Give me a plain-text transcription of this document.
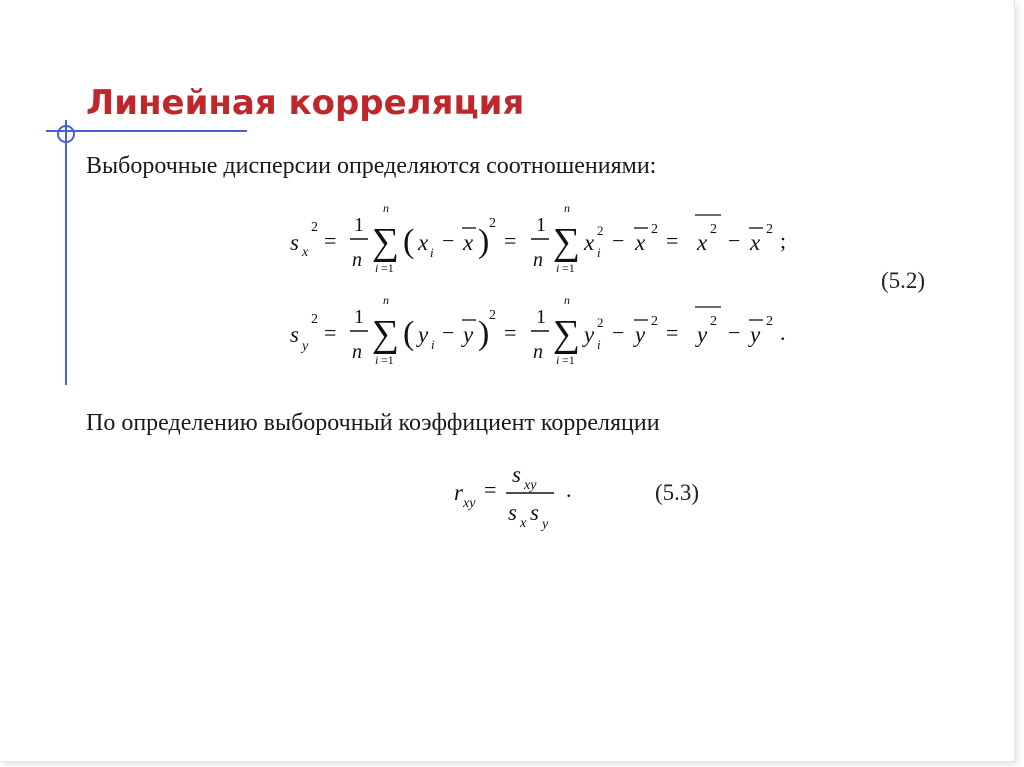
Линейная корреляция

Выборочные дисперсии определяются соотношениями:

s x
2
=
1
n
n
∑
i =1
( x i − x ) 2
=
1
n
n
∑
i =1
x 2
i − x
2 = x
2 − x
2 ;
s y
2
=
1
n
n
∑
i =1
( y i − y ) 2
=
1
n
n
∑
i =1
y 2
i − y
2 = y
2 − y
2 .
r xy
=
s xy
s x s y
.

(5.2)

По определению выборочный коэффициент корреляции

(5.3)
